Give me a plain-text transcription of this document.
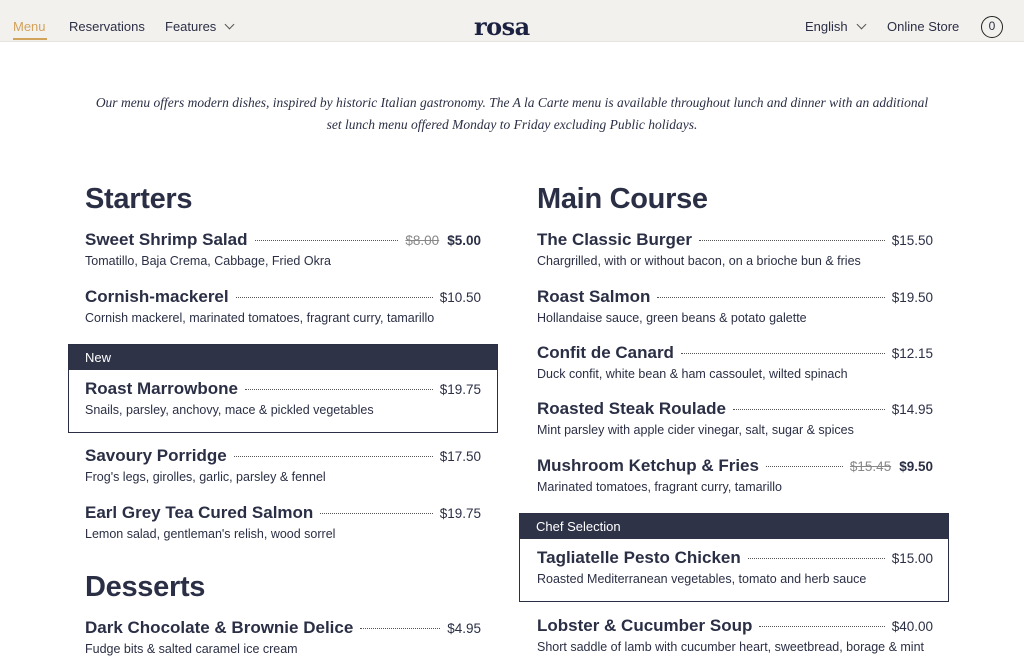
Menu Reservations Features	rosa	English	Online Store	0

Our menu offers modern dishes, inspired by historic Italian gastronomy. The A la Carte menu is available throughout lunch and dinner with an additional set lunch menu offered Monday to Friday excluding Public holidays.

Starters	Main Course
Desserts
Sweet Shrimp Salad	$8.00 $5.00
Tomatillo, Baja Crema, Cabbage, Fried Okra
Cornish-mackerel	$10.50
Cornish mackerel, marinated tomatoes, fragrant curry, tamarillo
New
Roast Marrowbone	$19.75
Snails, parsley, anchovy, mace & pickled vegetables
Savoury Porridge	$17.50
Frog's legs, girolles, garlic, parsley & fennel
Earl Grey Tea Cured Salmon	$19.75
Lemon salad, gentleman's relish, wood sorrel
Dark Chocolate & Brownie Delice	$4.95
Fudge bits & salted caramel ice cream
The Classic Burger	$15.50
Chargrilled, with or without bacon, on a brioche bun & fries
Roast Salmon	$19.50
Hollandaise sauce, green beans & potato galette
Confit de Canard	$12.15
Duck confit, white bean & ham cassoulet, wilted spinach
Roasted Steak Roulade	$14.95
Mint parsley with apple cider vinegar, salt, sugar & spices
Mushroom Ketchup & Fries	$15.45 $9.50
Marinated tomatoes, fragrant curry, tamarillo
Chef Selection
Tagliatelle Pesto Chicken	$15.00
Roasted Mediterranean vegetables, tomato and herb sauce
Lobster & Cucumber Soup	$40.00
Short saddle of lamb with cucumber heart, sweetbread, borage & mint
